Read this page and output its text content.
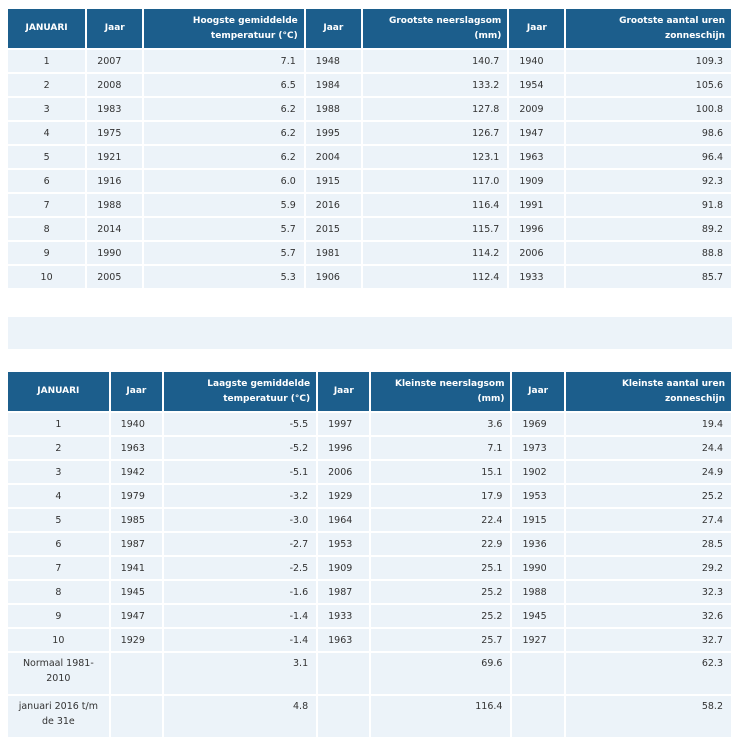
JANUARI	Jaar	Hoogste gemiddelde temperatuur (°C)	Jaar	Grootste neerslagsom (mm)	Jaar	Grootste aantal uren zonneschijn
1	2007	7.1	1948	140.7	1940	109.3
2	2008	6.5	1984	133.2	1954	105.6
3	1983	6.2	1988	127.8	2009	100.8
4	1975	6.2	1995	126.7	1947	98.6
5	1921	6.2	2004	123.1	1963	96.4
6	1916	6.0	1915	117.0	1909	92.3
7	1988	5.9	2016	116.4	1991	91.8
8	2014	5.7	2015	115.7	1996	89.2
9	1990	5.7	1981	114.2	2006	88.8
10	2005	5.3	1906	112.4	1933	85.7
JANUARI	Jaar	Laagste gemiddelde temperatuur (°C)	Jaar	Kleinste neerslagsom (mm)	Jaar	Kleinste aantal uren zonneschijn
1	1940	-5.5	1997	3.6	1969	19.4
2	1963	-5.2	1996	7.1	1973	24.4
3	1942	-5.1	2006	15.1	1902	24.9
4	1979	-3.2	1929	17.9	1953	25.2
5	1985	-3.0	1964	22.4	1915	27.4
6	1987	-2.7	1953	22.9	1936	28.5
7	1941	-2.5	1909	25.1	1990	29.2
8	1945	-1.6	1987	25.2	1988	32.3
9	1947	-1.4	1933	25.2	1945	32.6
10	1929	-1.4	1963	25.7	1927	32.7
Normaal 1981-2010		3.1		69.6		62.3
januari 2016 t/m de 31e		4.8		116.4		58.2
